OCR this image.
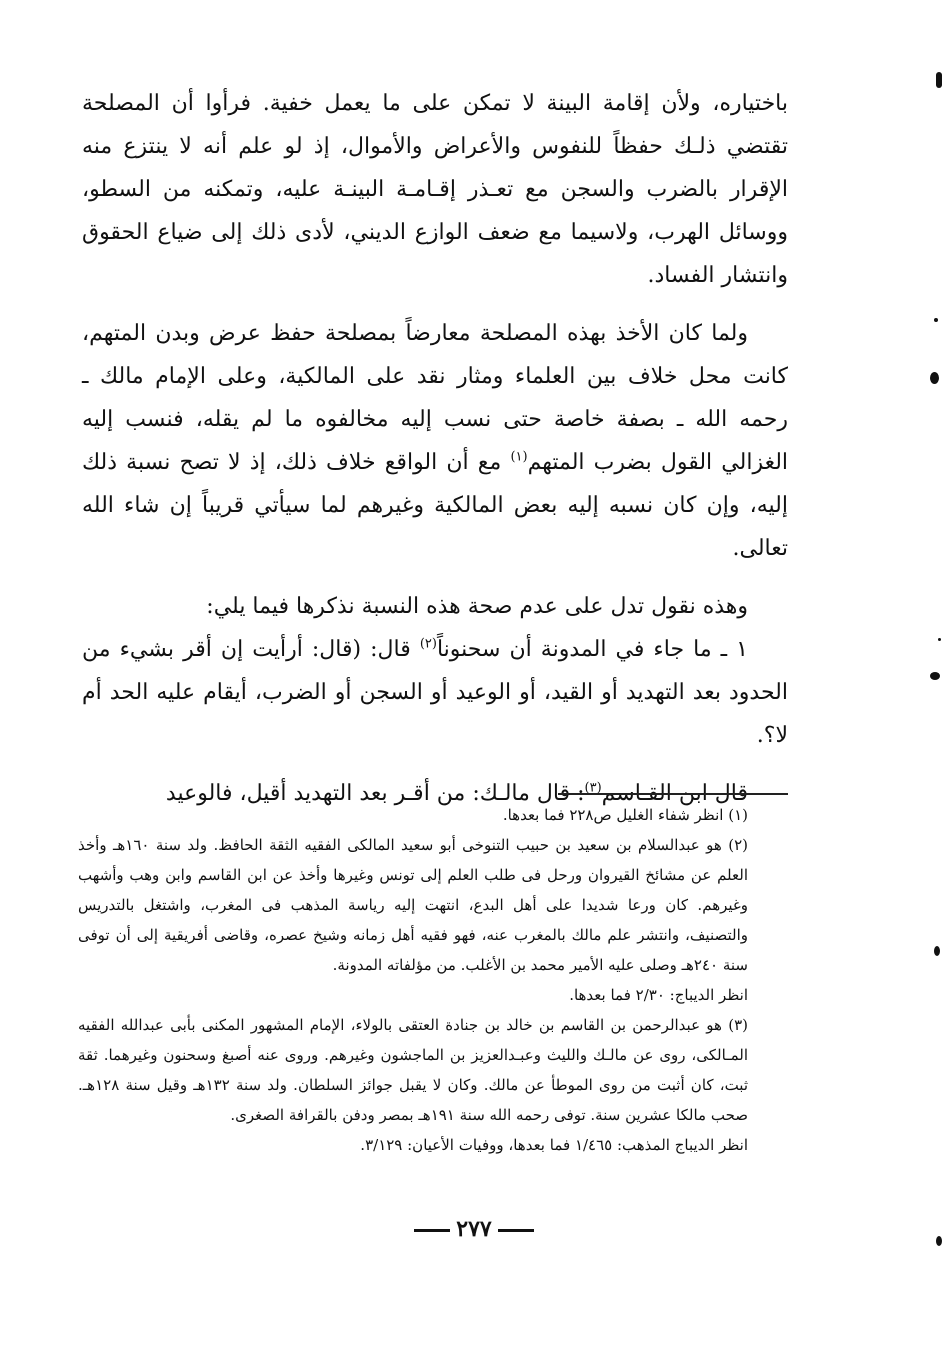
باختياره، ولأن إقامة البينة لا تمكن على ما يعمل خفية. فرأوا أن المصلحة تقتضي ذلـك حفظاً للنفوس والأعراض والأموال، إذ لو علم أنه لا ينتزع منه الإقرار بالضرب والسجن مع تعـذر إقـامـة البينـة عليه، وتمكنه من السطو، ووسائل الهرب، ولاسيما مع ضعف الوازع الديني، لأدى ذلك إلى ضياع الحقوق وانتشار الفساد.

ولما كان الأخذ بهذه المصلحة معارضاً بمصلحة حفظ عرض وبدن المتهم، كانت محل خلاف بين العلماء ومثار نقد على المالكية، وعلى الإمام مالك ـ رحمه الله ـ بصفة خاصة حتى نسب إليه مخالفوه ما لم يقله، فنسب إليه الغزالي القول بضرب المتهم$^{(١)}$ مع أن الواقع خلاف ذلك، إذ لا تصح نسبة ذلك إليه، وإن كان نسبه إليه بعض المالكية وغيرهم لما سيأتي قريباً إن شاء الله تعالى.

وهذه نقول تدل على عدم صحة هذه النسبة نذكرها فيما يلي:

١ ـ ما جاء في المدونة أن سحنوناً$^{(٢)}$ قال: (قال: أرأيت إن أقر بشيء من الحدود بعد التهديد أو القيد، أو الوعيد أو السجن أو الضرب، أيقام عليه الحد أم لا؟.

قال ابن القـاسم$^{(٣)}$: قال مالـك: من أقـر بعد التهديد أقيل، فالوعيد

(١) انظر شفاء الغليل ص٢٢٨ فما بعدها.

(٢) هو عبدالسلام بن سعيد بن حبيب التنوخى أبو سعيد المالكى الفقيه الثقة الحافظ. ولد سنة ١٦٠هـ وأخذ العلم عن مشائخ القيروان ورحل فى طلب العلم إلى تونس وغيرها وأخذ عن ابن القاسم وابن وهب وأشهب وغيرهم. كان ورعا شديدا على أهل البدع، انتهت إليه رياسة المذهب فى المغرب، واشتغل بالتدريس والتصنيف، وانتشر علم مالك بالمغرب عنه، فهو فقيه أهل زمانه وشيخ عصره، وقاضى أفريقية إلى أن توفى سنة ٢٤٠هـ وصلى عليه الأمير محمد بن الأغلب. من مؤلفاته المدونة.

انظر الديباج: ٢/٣٠ فما بعدها.

(٣) هو عبدالرحمن بن القاسم بن خالد بن جنادة العتقى بالولاء، الإمام المشهور المكنى بأبى عبدالله الفقيه المـالكى، روى عن مالـك والليث وعبـدالعزيز بن الماجشون وغيرهم. وروى عنه أصبغ وسحنون وغيرهما. ثقة ثبت، كان أثبت من روى الموطأ عن مالك. وكان لا يقبل جوائز السلطان. ولد سنة ١٣٢هـ وقيل سنة ١٢٨هـ. صحب مالكا عشرين سنة. توفى رحمه الله سنة ١٩١هـ بمصر ودفن بالقرافة الصغرى.

انظر الديباج المذهب: ١/٤٦٥ فما بعدها، ووفيات الأعيان: ٣/١٢٩.

٢٧٧
